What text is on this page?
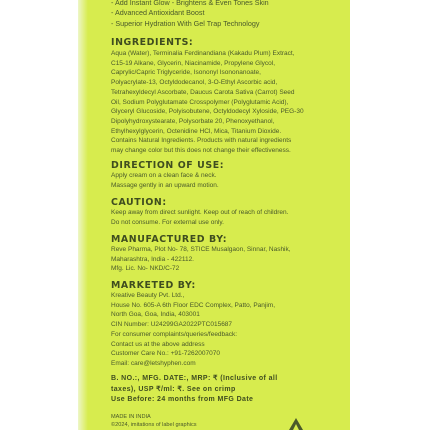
- Add Instant Glow - Brightens & Even Tones Skin
- Advanced Antioxidant Boost
- Superior Hydration With Gel Trap Technology

INGREDIENTS:

Aqua (Water), Terminalia Ferdinandiana (Kakadu Plum) Extract,

C15-19 Alkane, Glycerin, Niacinamide, Propylene Glycol,

Caprylic/Capric Triglyceride, Isononyl Isononanoate,

Polyacrylate-13, Octyldodecanol, 3-O-Ethyl Ascorbic acid,

Tetrahexyldecyl Ascorbate, Daucus Carota Sativa (Carrot) Seed

Oil, Sodium Polyglutamate Crosspolymer (Polyglutamic Acid),

Glyceryl Glucoside, Polyisobutene, Octyldodecyl Xyloside, PEG-30

Dipolyhydroxystearate, Polysorbate 20, Phenoxyethanol,

Ethylhexylglycerin, Octenidine HCl, Mica, Titanium Dioxide.

Contains Natural Ingredients. Products with natural ingredients

may change color but this does not change their effectiveness.

DIRECTION OF USE:

Apply cream on a clean face & neck.

Massage gently in an upward motion.

CAUTION:

Keep away from direct sunlight. Keep out of reach of children.

Do not consume. For external use only.

MANUFACTURED BY:

Reve Pharma, Plot No- 78, STICE Musalgaon, Sinnar, Nashik,

Maharashtra, India - 422112.

Mfg. Lic. No- NKD/C-72

MARKETED BY:

Kreative Beauty Pvt. Ltd.,

House No. 605-A 6th Floor EDC Complex, Patto, Panjim,

North Goa, Goa, India, 403001

CIN Number: U24299GA2022PTC015687

For consumer complaints/queries/feedback:

Contact us at the above address

Customer Care No.: +91-7262007070

Email: care@letshyphen.com

B. NO.:, MFG. DATE:, MRP: ₹ (Inclusive of all

taxes), USP ₹/ml: ₹. See on crimp

Use Before: 24 months from MFG Date

MADE IN INDIA

©2024, imitations of label graphics
